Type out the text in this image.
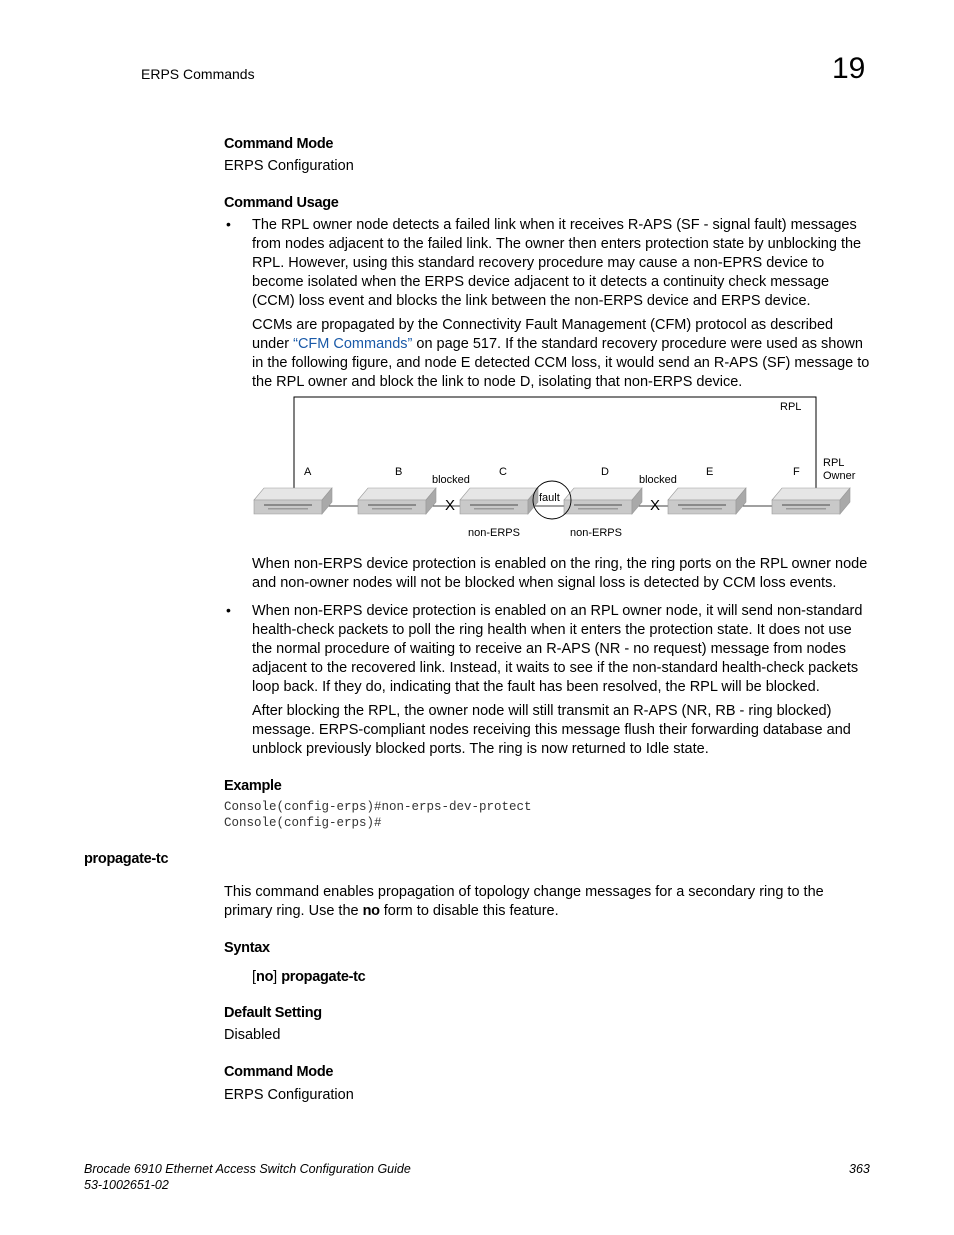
ERPS Commands	19
Command Mode
ERPS Configuration
Command Usage
• The RPL owner node detects a failed link when it receives R-APS (SF - signal fault) messages from nodes adjacent to the failed link. The owner then enters protection state by unblocking the RPL. However, using this standard recovery procedure may cause a non-EPRS device to become isolated when the ERPS device adjacent to it detects a continuity check message (CCM) loss event and blocks the link between the non-ERPS device and ERPS device.
CCMs are propagated by the Connectivity Fault Management (CFM) protocol as described under “CFM Commands” on page 517. If the standard recovery procedure were used as shown in the following figure, and node E detected CCM loss, it would send an R-APS (SF) message to the RPL owner and block the link to node D, isolating that non-ERPS device.
RPL
A	B	C	D	E	F
blocked	blocked
X	X
fault
non-ERPS	non-ERPS
RPL
Owner
When non-ERPS device protection is enabled on the ring, the ring ports on the RPL owner node and non-owner nodes will not be blocked when signal loss is detected by CCM loss events.
• When non-ERPS device protection is enabled on an RPL owner node, it will send non-standard health-check packets to poll the ring health when it enters the protection state. It does not use the normal procedure of waiting to receive an R-APS (NR - no request) message from nodes adjacent to the recovered link. Instead, it waits to see if the non-standard health-check packets loop back. If they do, indicating that the fault has been resolved, the RPL will be blocked.
After blocking the RPL, the owner node will still transmit an R-APS (NR, RB - ring blocked) message. ERPS-compliant nodes receiving this message flush their forwarding database and unblock previously blocked ports. The ring is now returned to Idle state.
Example
Console(config-erps)#non-erps-dev-protect
Console(config-erps)#
propagate-tc
This command enables propagation of topology change messages for a secondary ring to the primary ring. Use the no form to disable this feature.
Syntax
[no] propagate-tc
Default Setting
Disabled
Command Mode
ERPS Configuration
Brocade 6910 Ethernet Access Switch Configuration Guide
53-1002651-02
363
